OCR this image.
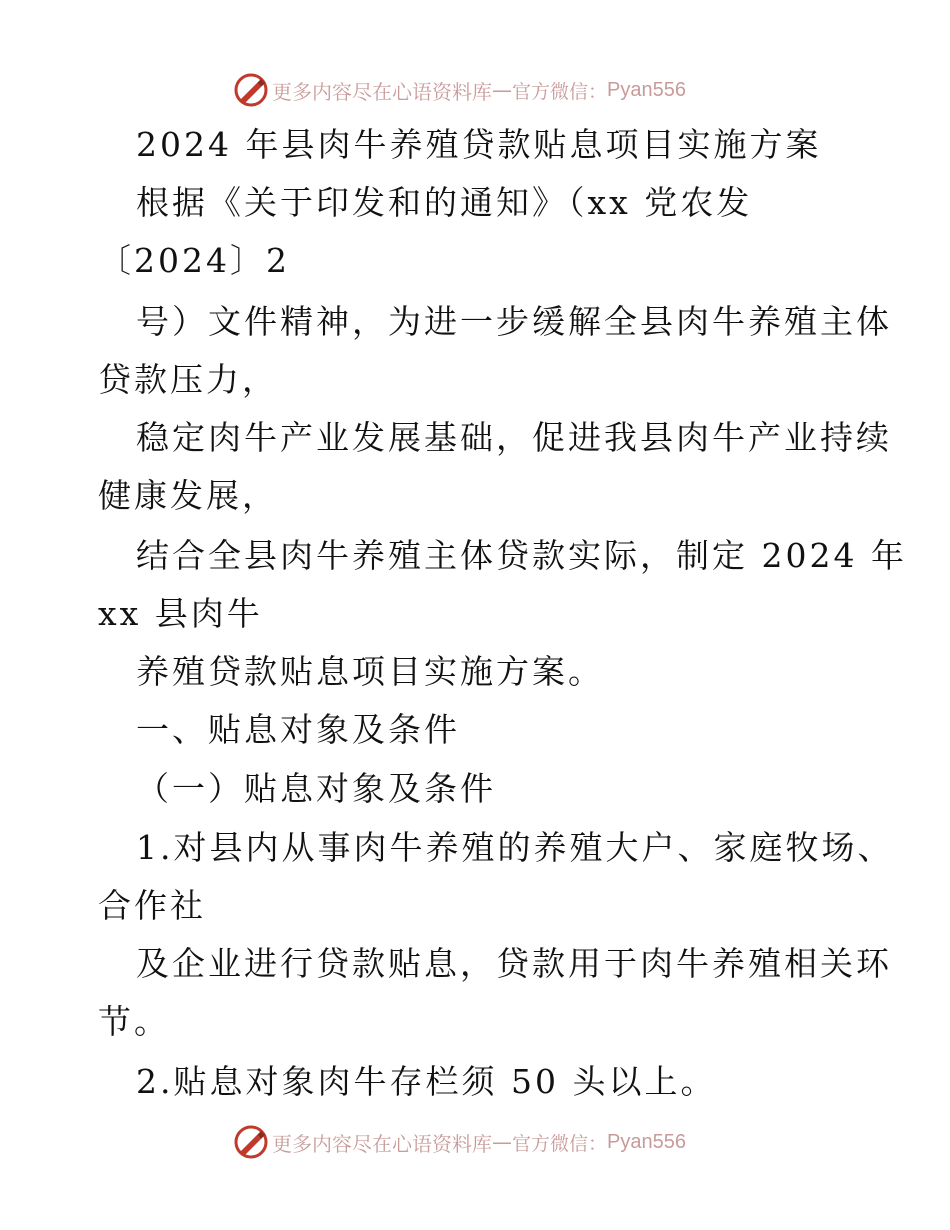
更多内容尽在心语资料库 — 官方微信： Pyan556
2024 年县肉牛养殖贷款贴息项目实施方案
根据《关于印发和的通知》（xx 党农发
〔2024〕2
号）文件精神，为进一步缓解全县肉牛养殖主体
贷款压力，
稳定肉牛产业发展基础，促进我县肉牛产业持续
健康发展，
结合全县肉牛养殖主体贷款实际，制定 2024 年
xx 县肉牛
养殖贷款贴息项目实施方案。
一、贴息对象及条件
（一）贴息对象及条件
1.对县内从事肉牛养殖的养殖大户、家庭牧场、
合作社
及企业进行贷款贴息，贷款用于肉牛养殖相关环
节。
2.贴息对象肉牛存栏须 50 头以上。
更多内容尽在心语资料库 — 官方微信： Pyan556
